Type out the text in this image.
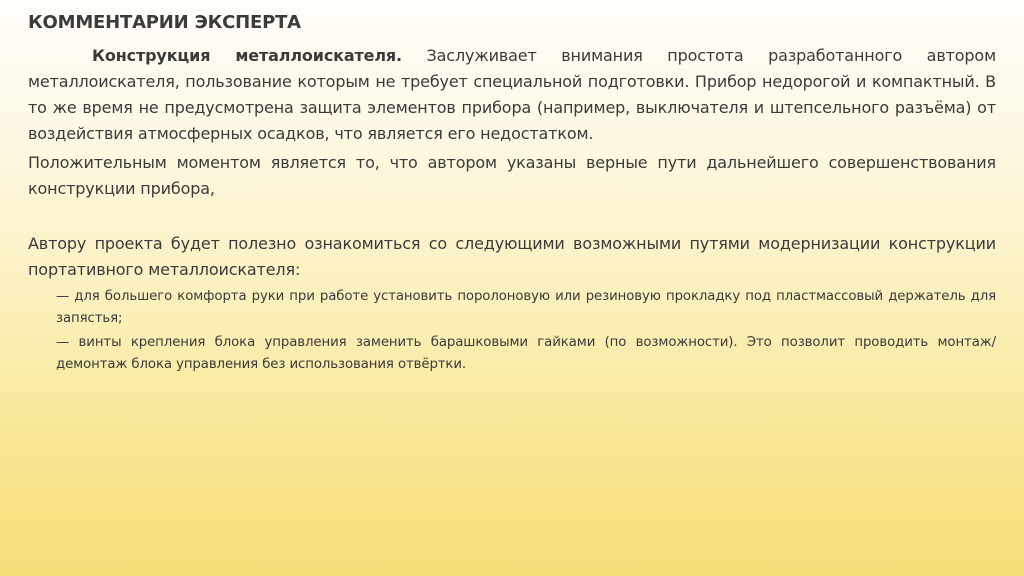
КОММЕНТАРИИ ЭКСПЕРТА

Конструкция металлоискателя. Заслуживает внимания простота разработанного автором металлоискателя, пользование которым не требует специальной подготовки. Прибор недорогой и компактный. В то же время не предусмотрена защита элементов прибора (например, выключателя и штепсельного разъёма) от воздействия атмосферных осадков, что является его недостатком.

Положительным моментом является то, что автором указаны верные пути дальнейшего совершенствования конструкции прибора,

Автору проекта будет полезно ознакомиться со следующими возможными путями модернизации конструкции портативного металлоискателя:

— для большего комфорта руки при работе установить поролоновую или резиновую прокладку под пластмассовый держатель для запястья;
— винты крепления блока управления заменить барашковыми гайками (по возможности). Это позволит проводить монтаж/демонтаж блока управления без использования отвёртки.
